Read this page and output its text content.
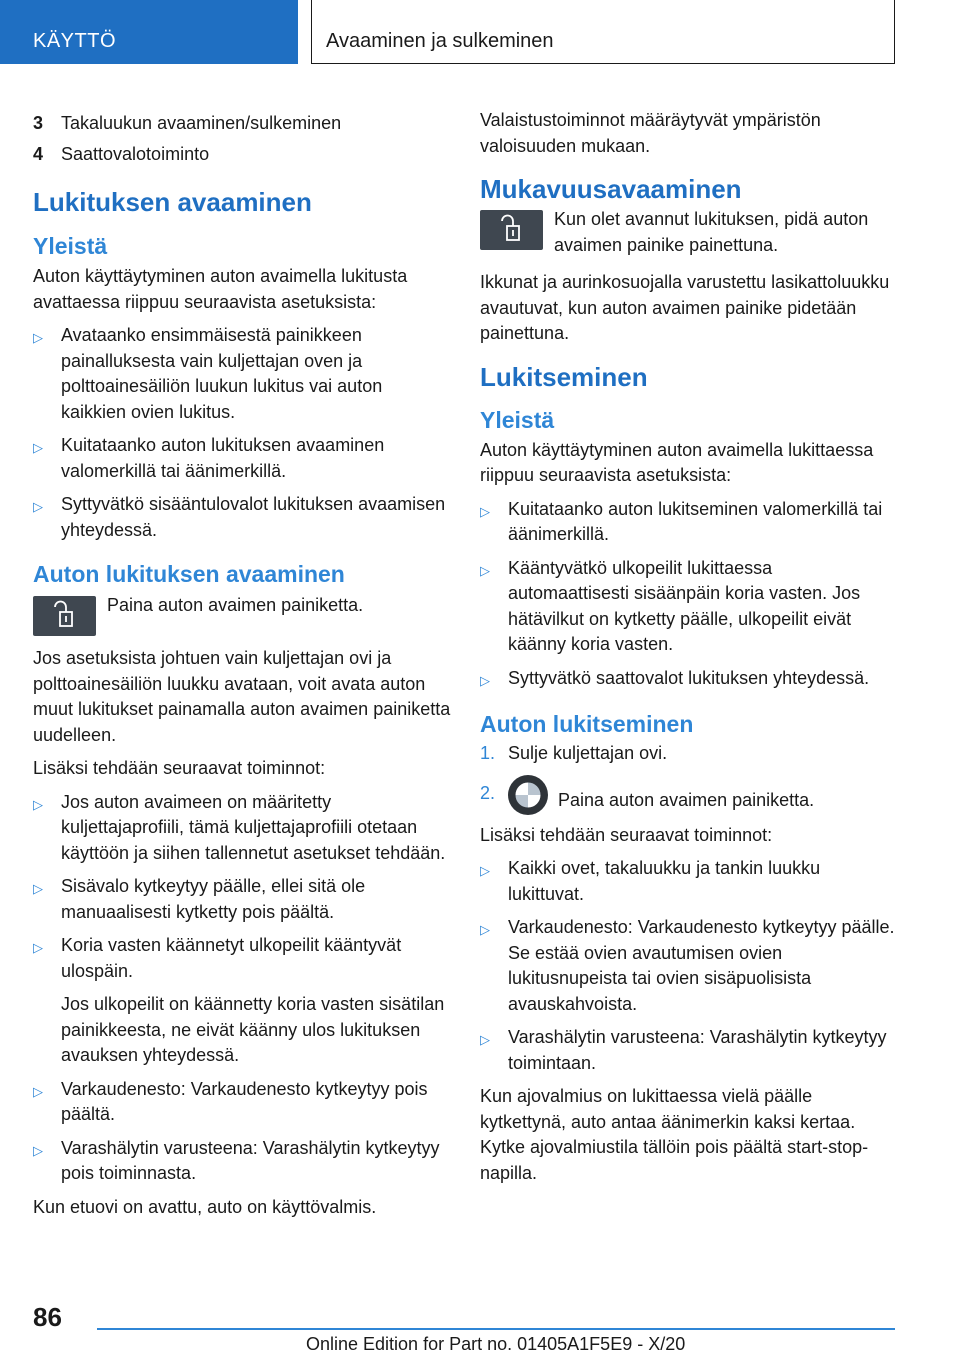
KÄYTTÖ	Avaaminen ja sulkeminen
3 Takaluukun avaaminen/sulkeminen
4 Saattovalotoiminto
Lukituksen avaaminen
Yleistä
Auton käyttäytyminen auton avaimella lukitusta avattaessa riippuu seuraavista asetuksista:
▷	Avataanko ensimmäisestä painikkeen painalluksesta vain kuljettajan oven ja polttoainesäiliön luukun lukitus vai auton kaikkien ovien lukitus.
▷	Kuitataanko auton lukituksen avaaminen valomerkillä tai äänimerkillä.
▷	Syttyvätkö sisääntulovalot lukituksen avaamisen yhteydessä.
Auton lukituksen avaaminen
Paina auton avaimen painiketta.
Jos asetuksista johtuen vain kuljettajan ovi ja polttoainesäiliön luukku avataan, voit avata auton muut lukitukset painamalla auton avaimen painiketta uudelleen.
Lisäksi tehdään seuraavat toiminnot:
▷	Jos auton avaimeen on määritetty kuljettajaprofiili, tämä kuljettajaprofiili otetaan käyttöön ja siihen tallennetut asetukset tehdään.
▷	Sisävalo kytkeytyy päälle, ellei sitä ole manuaalisesti kytketty pois päältä.
▷	Koria vasten käännetyt ulkopeilit kääntyvät ulospäin.

Jos ulkopeilit on käännetty koria vasten sisätilan painikkeesta, ne eivät käänny ulos lukituksen avauksen yhteydessä.

▷	Varkaudenesto: Varkaudenesto kytkeytyy pois päältä.
▷	Varashälytin varusteena: Varashälytin kytkeytyy pois toiminnasta.
Kun etuovi on avattu, auto on käyttövalmis.
Valaistustoiminnot määräytyvät ympäristön valoisuuden mukaan.
Mukavuusavaaminen
Kun olet avannut lukituksen, pidä auton avaimen painike painettuna.
Ikkunat ja aurinkosuojalla varustettu lasikattoluukku avautuvat, kun auton avaimen painike pidetään painettuna.
Lukitseminen
Yleistä
Auton käyttäytyminen auton avaimella lukittaessa riippuu seuraavista asetuksista:
▷	Kuitataanko auton lukitseminen valomerkillä tai äänimerkillä.
▷	Kääntyvätkö ulkopeilit lukittaessa automaattisesti sisäänpäin koria vasten. Jos hätävilkut on kytketty päälle, ulkopeilit eivät käänny koria vasten.
▷	Syttyvätkö saattovalot lukituksen yhteydessä.
Auton lukitseminen
1. Sulje kuljettajan ovi.
2.	Paina auton avaimen painiketta.
Lisäksi tehdään seuraavat toiminnot:
▷	Kaikki ovet, takaluukku ja tankin luukku lukittuvat.
▷	Varkaudenesto: Varkaudenesto kytkeytyy päälle. Se estää ovien avautumisen ovien lukitusnupeista tai ovien sisäpuolisista avauskahvoista.
▷	Varashälytin varusteena: Varashälytin kytkeytyy toimintaan.
Kun ajovalmius on lukittaessa vielä päälle kytkettynä, auto antaa äänimerkin kaksi kertaa. Kytke ajovalmiustila tällöin pois päältä start-stop-napilla.
86
Online Edition for Part no. 01405A1F5E9 - X/20
